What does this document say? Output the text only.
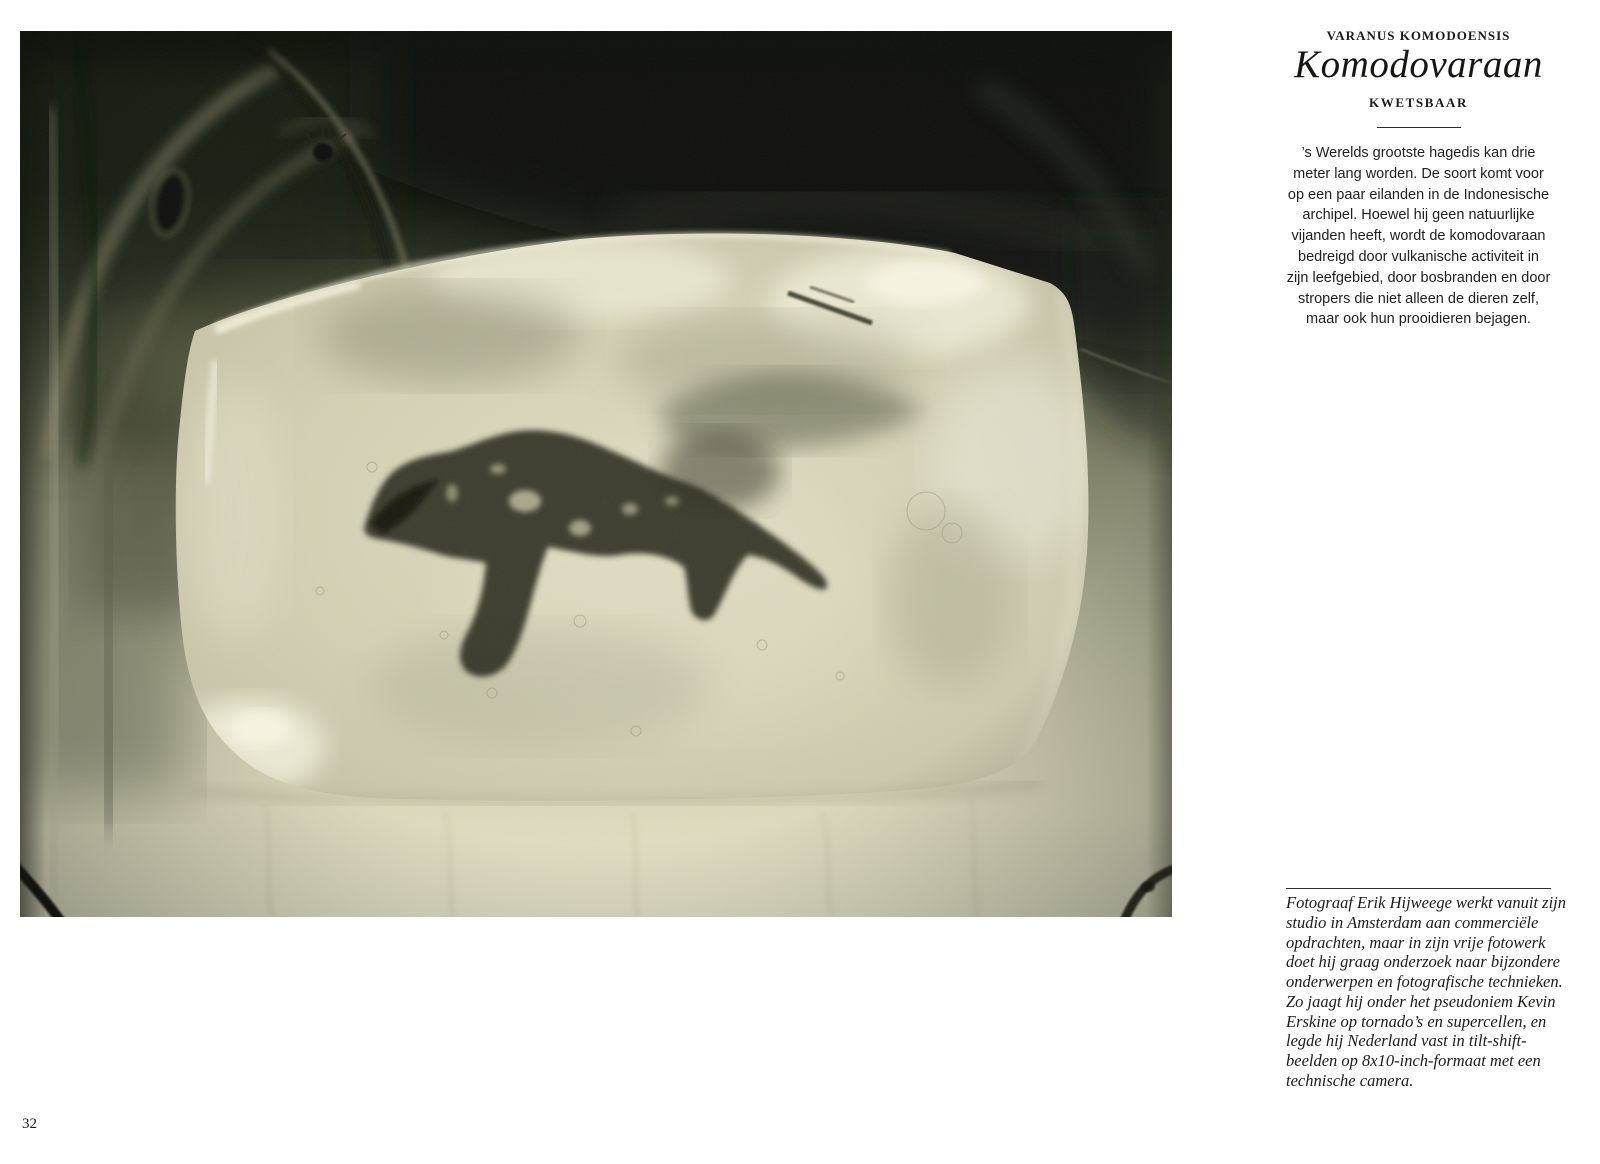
32
VARANUS KOMODOENSIS
Komodovaraan
KWETSBAAR
’s Werelds grootste hagedis kan drie
meter lang worden. De soort komt voor
op een paar eilanden in de Indonesische
archipel. Hoewel hij geen natuurlijke
vijanden heeft, wordt de komodovaraan
bedreigd door vulkanische activiteit in
zijn leefgebied, door bosbranden en door
stropers die niet alleen de dieren zelf,
maar ook hun prooidieren bejagen.
Fotograaf Erik Hijweege werkt vanuit zijn
studio in Amsterdam aan commerciële
opdrachten, maar in zijn vrije fotowerk
doet hij graag onderzoek naar bijzondere
onderwerpen en fotografische technieken.
Zo jaagt hij onder het pseudoniem Kevin
Erskine op tornado’s en supercellen, en
legde hij Nederland vast in tilt-shift-
beelden op 8x10-inch-formaat met een
technische camera.
